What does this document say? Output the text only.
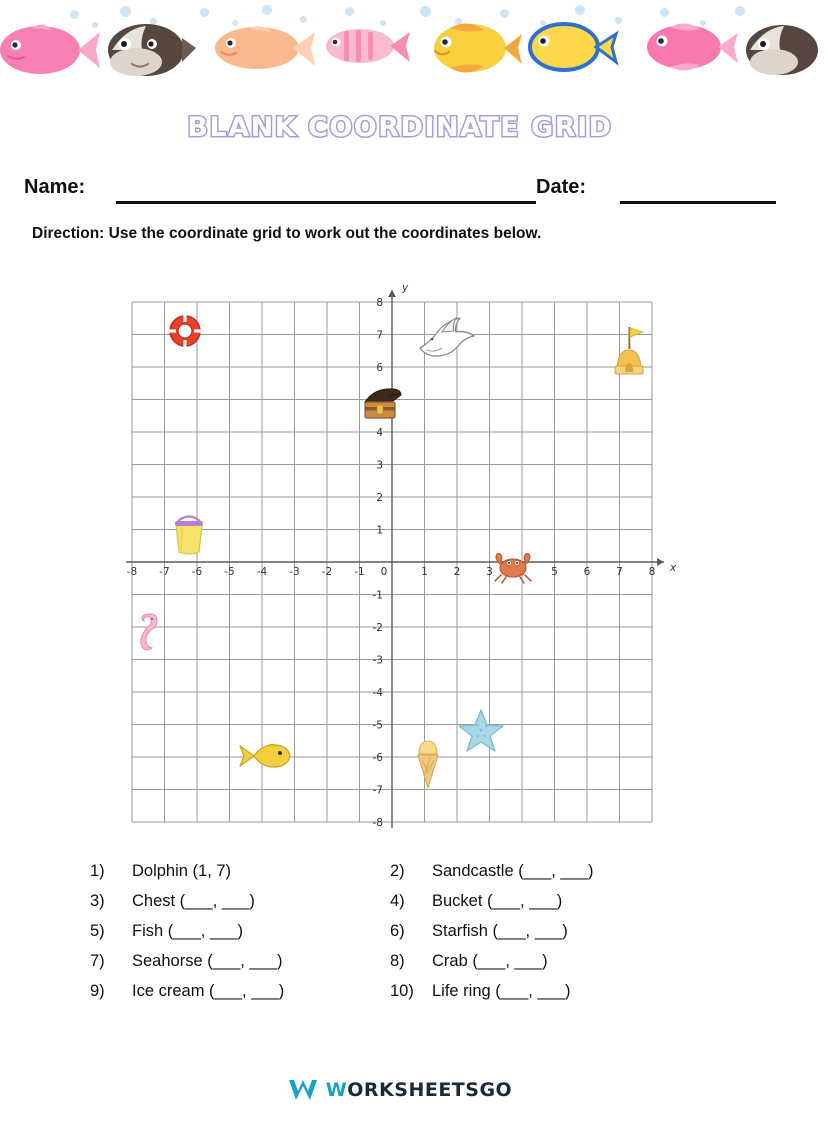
BLANK COORDINATE GRID
Name:	Date:
Direction: Use the coordinate grid to work out the coordinates below.
-8 -7 -6 -5 -4 -3 -2 -1 0	1 2 3	5 6 7 8
-8
-7
-6
-5
-4
-3
-2
-1
1
2
3
4
6
7
8
x
y
1)	Dolphin (1, 7)	2)	Sandcastle (___, ___)
3)	Chest (___, ___)	4)	Bucket (___, ___)
5)	Fish (___, ___)	6)	Starfish (___, ___)
7)	Seahorse (___, ___)	8)	Crab (___, ___)
9)	Ice cream (___, ___)	10)	Life ring (___, ___)
WORKSHEETSGO
